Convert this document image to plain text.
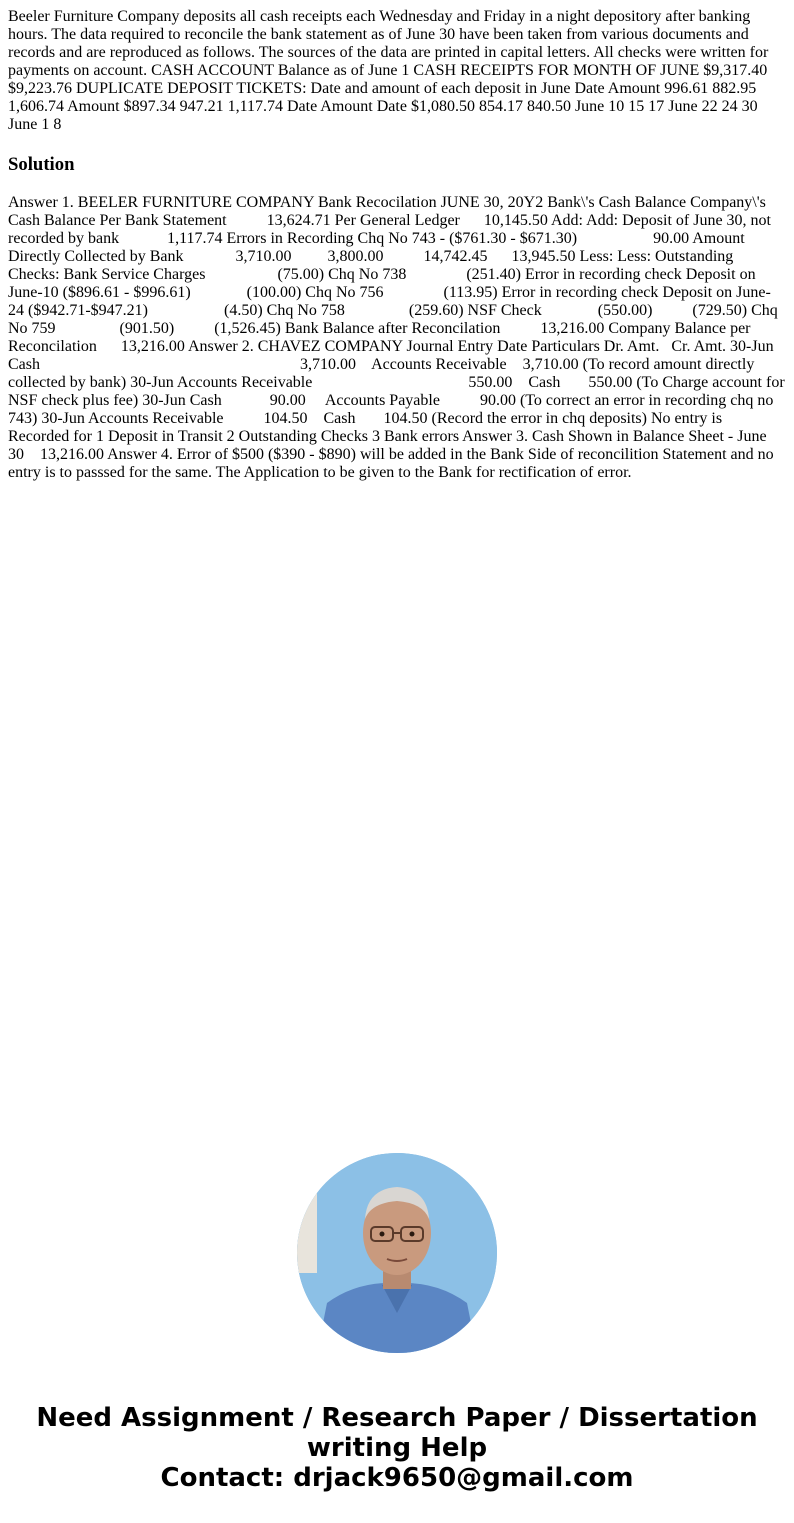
Beeler Furniture Company deposits all cash receipts each Wednesday and Friday in a night depository after banking hours. The data required to reconcile the bank statement as of June 30 have been taken from various documents and records and are reproduced as follows. The sources of the data are printed in capital letters. All checks were written for payments on account. CASH ACCOUNT Balance as of June 1 CASH RECEIPTS FOR MONTH OF JUNE $9,317.40 $9,223.76 DUPLICATE DEPOSIT TICKETS: Date and amount of each deposit in June Date Amount 996.61 882.95 1,606.74 Amount $897.34 947.21 1,117.74 Date Amount Date $1,080.50 854.17 840.50 June 10 15 17 June 22 24 30 June 1 8

Solution

Answer 1. BEELER FURNITURE COMPANY Bank Recocilation JUNE 30, 20Y2 Bank\'s Cash Balance Company\'s Cash Balance Per Bank Statement          13,624.71 Per General Ledger      10,145.50 Add: Add: Deposit of June 30, not recorded by bank            1,117.74 Errors in Recording Chq No 743 - ($761.30 - $671.30)                   90.00 Amount Directly Collected by Bank             3,710.00         3,800.00          14,742.45      13,945.50 Less: Less: Outstanding Checks: Bank Service Charges                  (75.00) Chq No 738               (251.40) Error in recording check Deposit on June-10 ($896.61 - $996.61)              (100.00) Chq No 756               (113.95) Error in recording check Deposit on June-24 ($942.71-$947.21)                   (4.50) Chq No 758                (259.60) NSF Check              (550.00)          (729.50) Chq No 759                (901.50)          (1,526.45) Bank Balance after Reconcilation          13,216.00 Company Balance per Reconcilation      13,216.00 Answer 2. CHAVEZ COMPANY Journal Entry Date Particulars Dr. Amt.   Cr. Amt. 30-Jun Cash                                                                 3,710.00    Accounts Receivable    3,710.00 (To record amount directly collected by bank) 30-Jun Accounts Receivable                                       550.00    Cash       550.00 (To Charge account for NSF check plus fee) 30-Jun Cash            90.00     Accounts Payable          90.00 (To correct an error in recording chq no 743) 30-Jun Accounts Receivable          104.50    Cash       104.50 (Record the error in chq deposits) No entry is Recorded for 1 Deposit in Transit 2 Outstanding Checks 3 Bank errors Answer 3. Cash Shown in Balance Sheet - June 30    13,216.00 Answer 4. Error of $500 ($390 - $890) will be added in the Bank Side of reconcilition Statement and no entry is to passsed for the same. The Application to be given to the Bank for rectification of error.

Need Assignment / Research Paper / Dissertation
writing Help
Contact: drjack9650@gmail.com
